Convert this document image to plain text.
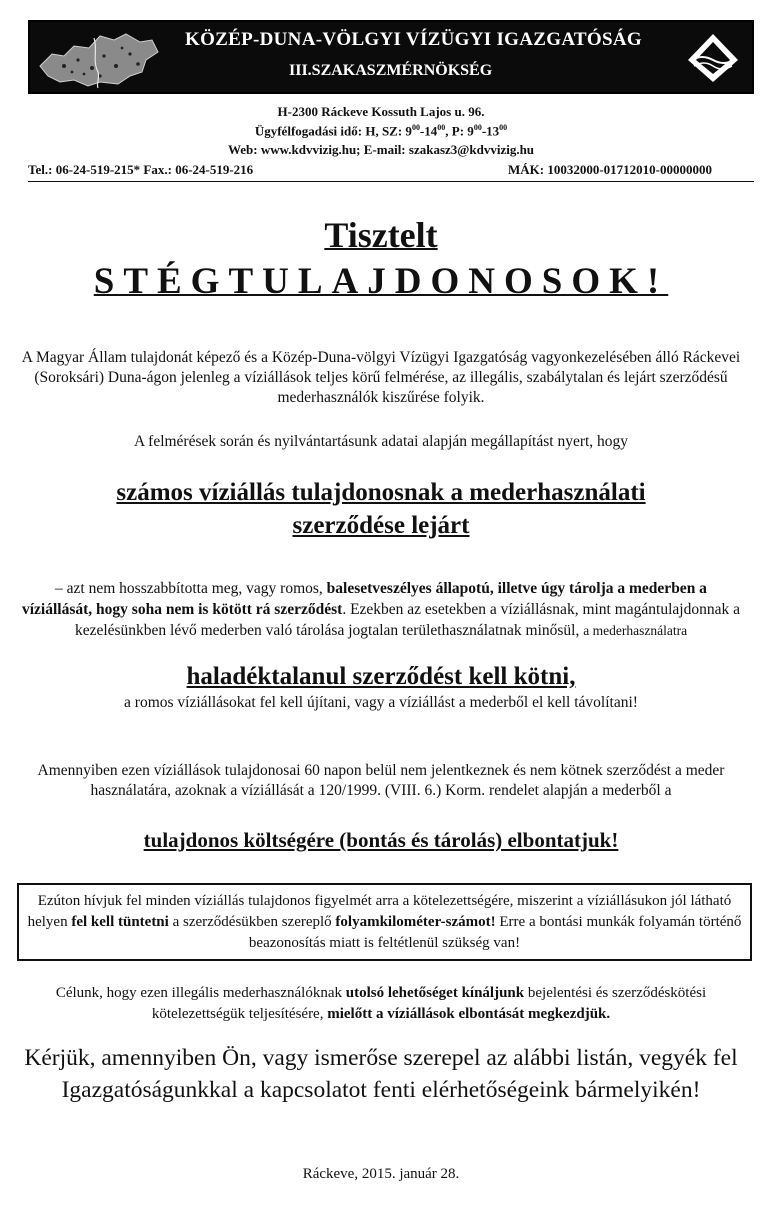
KÖZÉP-DUNA-VÖLGYI VÍZÜGYI IGAZGATÓSÁG
III.SZAKASZMÉRNÖKSÉG
H-2300 Ráckeve Kossuth Lajos u. 96.
Ügyfélfogadási idő: H, SZ: $9^{00}-14^{00}$, P: $9^{00}-13^{00}$
Web: www.kdvvizig.hu; E-mail: szakasz3@kdvvizig.hu
Tel.: 06-24-519-215* Fax.: 06-24-519-216	MÁK: 10032000-01712010-00000000
Tisztelt
STÉGTULAJDONOSOK!
A Magyar Állam tulajdonát képező és a Közép-Duna-völgyi Vízügyi Igazgatóság vagyonkezelésében álló Ráckevei (Soroksári) Duna-ágon jelenleg a víziállások teljes körű felmérése, az illegális, szabálytalan és lejárt szerződésű mederhasználók kiszűrése folyik.
A felmérések során és nyilvántartásunk adatai alapján megállapítást nyert, hogy
számos víziállás tulajdonosnak a mederhasználati
szerződése lejárt
– azt nem hosszabbította meg, vagy romos, balesetveszélyes állapotú, illetve úgy tárolja a mederben a víziállását, hogy soha nem is kötött rá szerződést. Ezekben az esetekben a víziállásnak, mint magántulajdonnak a kezelésünkben lévő mederben való tárolása jogtalan területhasználatnak minősül, a mederhasználatra
haladéktalanul szerződést kell kötni,
a romos víziállásokat fel kell újítani, vagy a víziállást a mederből el kell távolítani!
Amennyiben ezen víziállások tulajdonosai 60 napon belül nem jelentkeznek és nem kötnek szerződést a meder használatára, azoknak a víziállását a 120/1999. (VIII. 6.) Korm. rendelet alapján a mederből a
tulajdonos költségére (bontás és tárolás) elbontatjuk!
Ezúton hívjuk fel minden víziállás tulajdonos figyelmét arra a kötelezettségére, miszerint a víziállásukon jól látható helyen fel kell tüntetni a szerződésükben szereplő folyamkilométer-számot! Erre a bontási munkák folyamán történő beazonosítás miatt is feltétlenül szükség van!
Célunk, hogy ezen illegális mederhasználóknak utolsó lehetőséget kínáljunk bejelentési és szerződéskötési kötelezettségük teljesítésére, mielőtt a víziállások elbontását megkezdjük.
Kérjük, amennyiben Ön, vagy ismerőse szerepel az alábbi listán, vegyék fel Igazgatóságunkkal a kapcsolatot fenti elérhetőségeink bármelyikén!
Ráckeve, 2015. január 28.
